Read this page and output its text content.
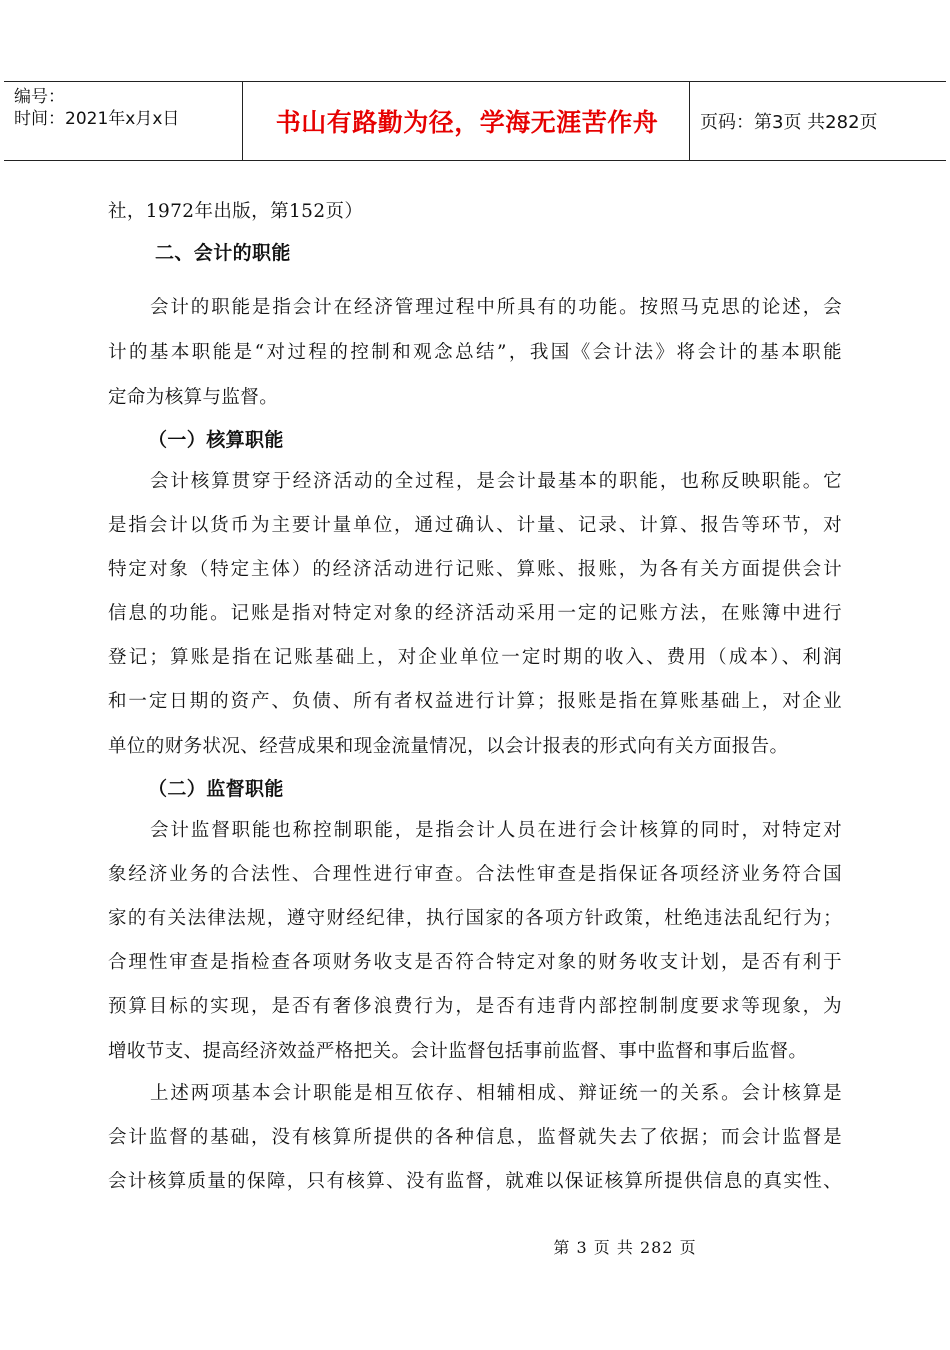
编号：
时间：2021年x月x日	书山有路勤为径，学海无涯苦作舟	页码：第3页 共282页
社，1972年出版，第152页）
二、会计的职能
会计的职能是指会计在经济管理过程中所具有的功能。按照马克思的论述，会
计的基本职能是“对过程的控制和观念总结”，我国《会计法》将会计的基本职能
定命为核算与监督。
（一）核算职能
会计核算贯穿于经济活动的全过程，是会计最基本的职能，也称反映职能。它
是指会计以货币为主要计量单位，通过确认、计量、记录、计算、报告等环节，对
特定对象（特定主体）的经济活动进行记账、算账、报账，为各有关方面提供会计
信息的功能。记账是指对特定对象的经济活动采用一定的记账方法，在账簿中进行
登记；算账是指在记账基础上，对企业单位一定时期的收入、费用（成本）、利润
和一定日期的资产、负债、所有者权益进行计算；报账是指在算账基础上，对企业
单位的财务状况、经营成果和现金流量情况，以会计报表的形式向有关方面报告。
（二）监督职能
会计监督职能也称控制职能，是指会计人员在进行会计核算的同时，对特定对
象经济业务的合法性、合理性进行审查。合法性审查是指保证各项经济业务符合国
家的有关法律法规，遵守财经纪律，执行国家的各项方针政策，杜绝违法乱纪行为；
合理性审查是指检查各项财务收支是否符合特定对象的财务收支计划，是否有利于
预算目标的实现，是否有奢侈浪费行为，是否有违背内部控制制度要求等现象，为
增收节支、提高经济效益严格把关。会计监督包括事前监督、事中监督和事后监督。
上述两项基本会计职能是相互依存、相辅相成、辩证统一的关系。会计核算是
会计监督的基础，没有核算所提供的各种信息，监督就失去了依据；而会计监督是
会计核算质量的保障，只有核算、没有监督，就难以保证核算所提供信息的真实性、
第 3 页 共 282 页
